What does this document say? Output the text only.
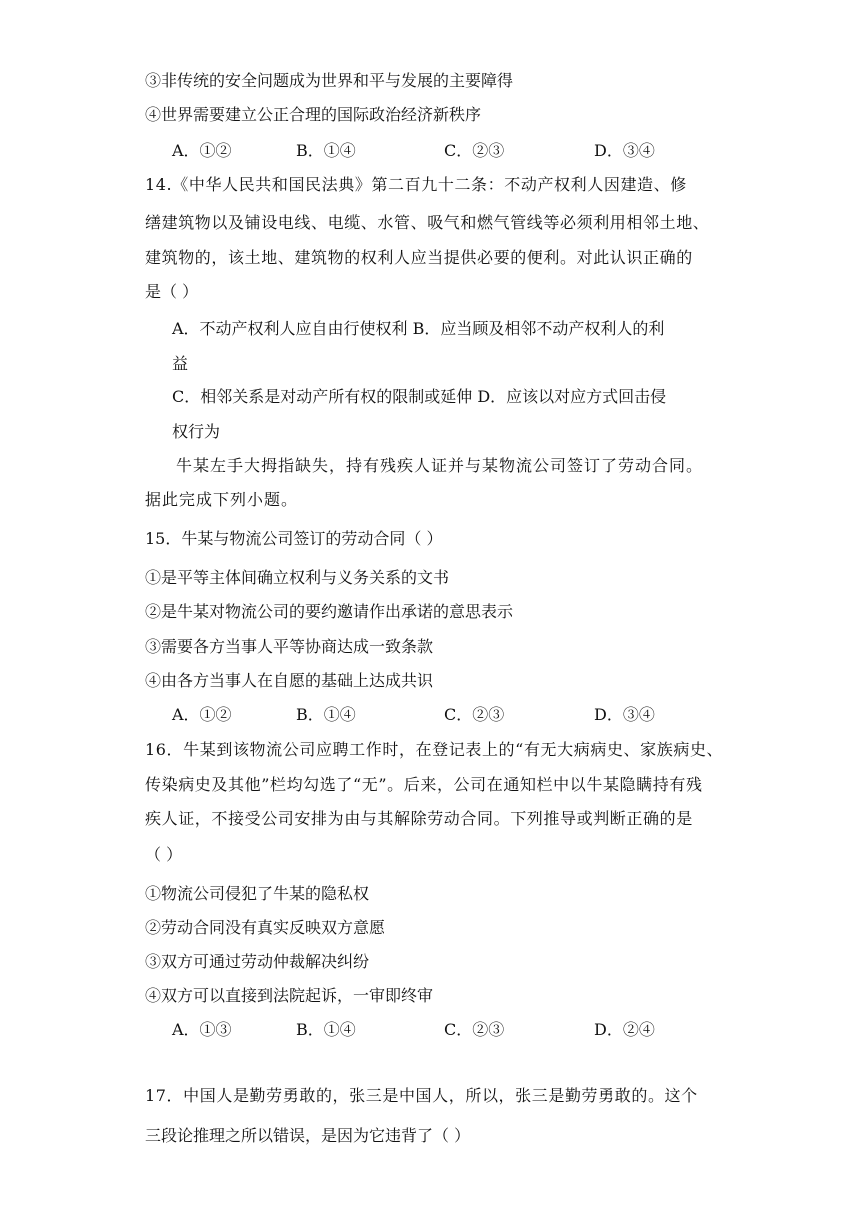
③非传统的安全问题成为世界和平与发展的主要障得
④世界需要建立公正合理的国际政治经济新秩序
A．①②	B．①④	C．②③	D．③④
14.《中华人民共和国民法典》第二百九十二条：不动产权利人因建造、修
缮建筑物以及铺设电线、电缆、水管、吸气和燃气管线等必须利用相邻土地、
建筑物的，该土地、建筑物的权利人应当提供必要的便利。对此认识正确的
是（ ）
A．不动产权利人应自由行使权利 B．应当顾及相邻不动产权利人的利
益
C．相邻关系是对动产所有权的限制或延伸 D．应该以对应方式回击侵
权行为
牛某左手大拇指缺失，持有残疾人证并与某物流公司签订了劳动合同。
据此完成下列小题。
15．牛某与物流公司签订的劳动合同（ ）
①是平等主体间确立权利与义务关系的文书
②是牛某对物流公司的要约邀请作出承诺的意思表示
③需要各方当事人平等协商达成一致条款
④由各方当事人在自愿的基础上达成共识
A．①②	B．①④	C．②③	D．③④
16．牛某到该物流公司应聘工作时，在登记表上的“有无大病病史、家族病史、
传染病史及其他”栏均勾选了“无”。后来，公司在通知栏中以牛某隐瞒持有残
疾人证，不接受公司安排为由与其解除劳动合同。下列推导或判断正确的是
（ ）
①物流公司侵犯了牛某的隐私权
②劳动合同没有真实反映双方意愿
③双方可通过劳动仲裁解决纠纷
④双方可以直接到法院起诉，一审即终审
A．①③	B．①④	C．②③	D．②④
17．中国人是勤劳勇敢的，张三是中国人，所以，张三是勤劳勇敢的。这个
三段论推理之所以错误，是因为它违背了（ ）
